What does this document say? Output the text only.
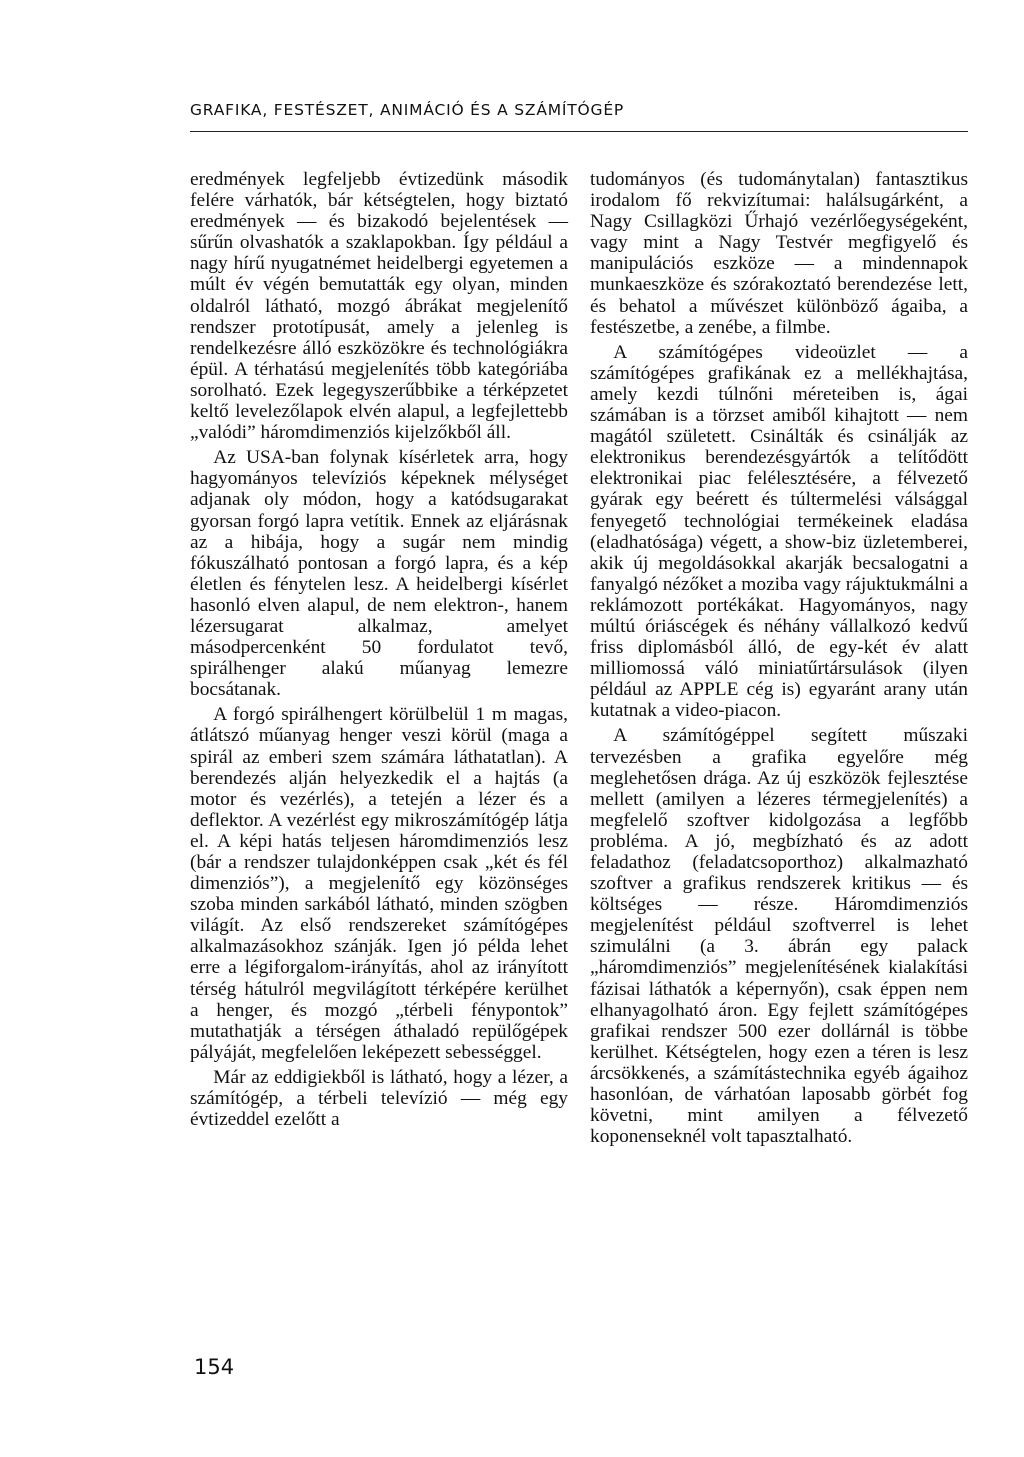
GRAFIKA, FESTÉSZET, ANIMÁCIÓ ÉS A SZÁMÍTÓGÉP

eredmények legfeljebb évtizedünk második felére várhatók, bár kétségtelen, hogy biztató eredmények — és bizakodó bejelentések — sűrűn olvashatók a szaklapokban. Így például a nagy hírű nyugatnémet heidelbergi egyetemen a múlt év végén bemutatták egy olyan, minden oldalról látható, mozgó ábrákat megjelenítő rendszer prototípusát, amely a jelenleg is rendelkezésre álló eszközökre és technológiákra épül. A térhatású megjelenítés több kategóriába sorolható. Ezek legegyszerűbbike a térképzetet keltő levelezőlapok elvén alapul, a legfejlettebb „valódi” háromdimenziós kijelzőkből áll.

Az USA-ban folynak kísérletek arra, hogy hagyományos televíziós képeknek mélységet adjanak oly módon, hogy a katódsugarakat gyorsan forgó lapra vetítik. Ennek az eljárásnak az a hibája, hogy a sugár nem mindig fókuszálható pontosan a forgó lapra, és a kép életlen és fénytelen lesz. A heidelbergi kísérlet hasonló elven alapul, de nem elektron-, hanem lézersugarat alkalmaz, amelyet másodpercenként 50 fordulatot tevő, spirálhenger alakú műanyag lemezre bocsátanak.

A forgó spirálhengert körülbelül 1 m magas, átlátszó műanyag henger veszi körül (maga a spirál az emberi szem számára láthatatlan). A berendezés alján helyezkedik el a hajtás (a motor és vezérlés), a tetején a lézer és a deflektor. A vezérlést egy mikroszámítógép látja el. A képi hatás teljesen háromdimenziós lesz (bár a rendszer tulajdonképpen csak „két és fél dimenziós”), a megjelenítő egy közönséges szoba minden sarkából látható, minden szögben világít. Az első rendszereket számítógépes alkalmazásokhoz szánják. Igen jó példa lehet erre a légiforgalom-irányítás, ahol az irányított térség hátulról megvilágított térképére kerülhet a henger, és mozgó „térbeli fénypontok” mutathatják a térségen áthaladó repülőgépek pályáját, megfelelően leképezett sebességgel.

Már az eddigiekből is látható, hogy a lézer, a számítógép, a térbeli televízió — még egy évtizeddel ezelőtt a

tudományos (és tudománytalan) fantasztikus irodalom fő rekvizítumai: halálsugárként, a Nagy Csillagközi Űrhajó vezérlőegységeként, vagy mint a Nagy Testvér megfigyelő és manipulációs eszköze — a mindennapok munkaeszköze és szórakoztató berendezése lett, és behatol a művészet különböző ágaiba, a festészetbe, a zenébe, a filmbe.

A számítógépes videoüzlet — a számítógépes grafikának ez a mellékhajtása, amely kezdi túlnőni méreteiben is, ágai számában is a törzset amiből kihajtott — nem magától született. Csinálták és csinálják az elektronikus berendezésgyártók a telítődött elektronikai piac felélesztésére, a félvezető gyárak egy beérett és túltermelési válsággal fenyegető technológiai termékeinek eladása (eladhatósága) végett, a show-biz üzletemberei, akik új megoldásokkal akarják becsalogatni a fanyalgó nézőket a moziba vagy rájuktukmálni a reklámozott portékákat. Hagyományos, nagy múltú óriáscégek és néhány vállalkozó kedvű friss diplomásból álló, de egy-két év alatt milliomossá váló miniatűrtársulások (ilyen például az APPLE cég is) egyaránt arany után kutatnak a video-piacon.

A számítógéppel segített műszaki tervezésben a grafika egyelőre még meglehetősen drága. Az új eszközök fejlesztése mellett (amilyen a lézeres térmegjelenítés) a megfelelő szoftver kidolgozása a legfőbb probléma. A jó, megbízható és az adott feladathoz (feladatcsoporthoz) alkalmazható szoftver a grafikus rendszerek kritikus — és költséges — része. Háromdimenziós megjelenítést például szoftverrel is lehet szimulálni (a 3. ábrán egy palack „háromdimenziós” megjelenítésének kialakítási fázisai láthatók a képernyőn), csak éppen nem elhanyagolható áron. Egy fejlett számítógépes grafikai rendszer 500 ezer dollárnál is többe kerülhet. Kétségtelen, hogy ezen a téren is lesz árcsökkenés, a számítástechnika egyéb ágaihoz hasonlóan, de várhatóan laposabb görbét fog követni, mint amilyen a félvezető koponenseknél volt tapasztalható.

154
